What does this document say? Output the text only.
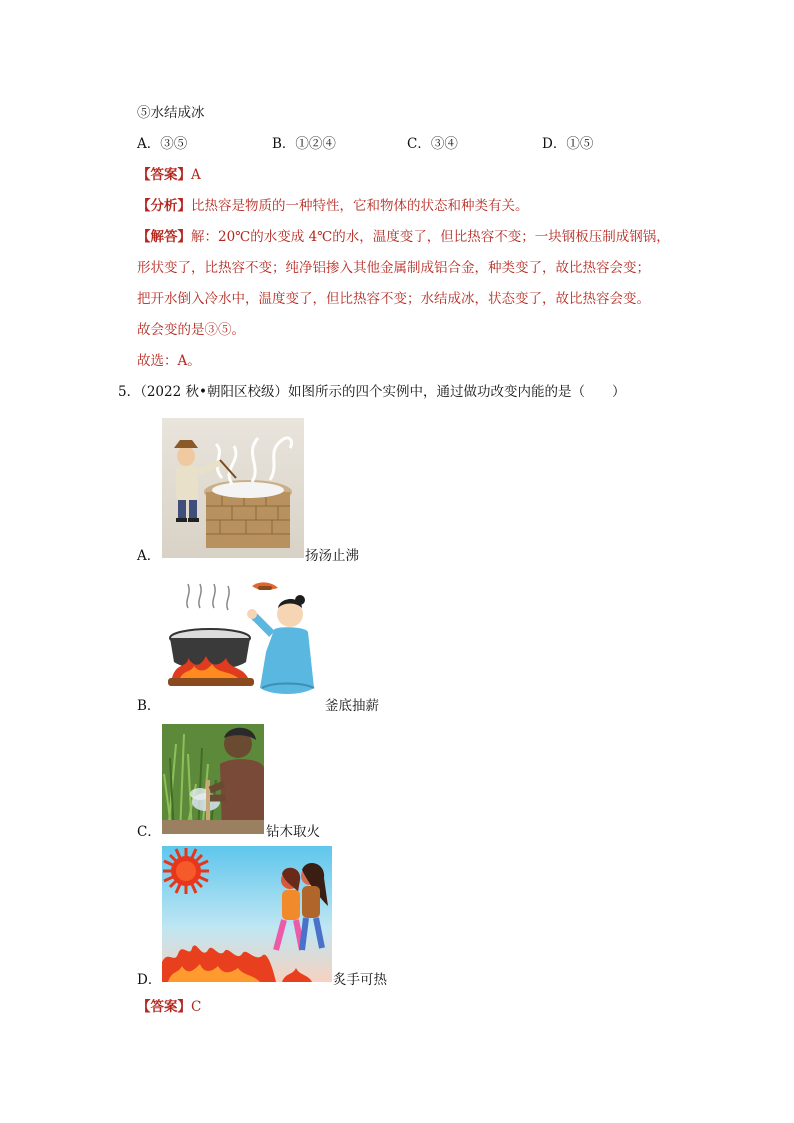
⑤水结成冰
A．③⑤	B．①②④	C．③④	D．①⑤
【答案】A
【分析】比热容是物质的一种特性，它和物体的状态和种类有关。
【解答】解：20℃的水变成 4℃的水，温度变了，但比热容不变；一块钢板压制成钢锅，
形状变了，比热容不变；纯净铝掺入其他金属制成铝合金，种类变了，故比热容会变；
把开水倒入冷水中，温度变了，但比热容不变；水结成冰，状态变了，故比热容会变。
故会变的是③⑤。
故选：A。
5．（2022 秋•朝阳区校级）如图所示的四个实例中，通过做功改变内能的是（　　）
A．	扬汤止沸
B．	釜底抽薪
C．	钻木取火
D．	炙手可热
【答案】C
